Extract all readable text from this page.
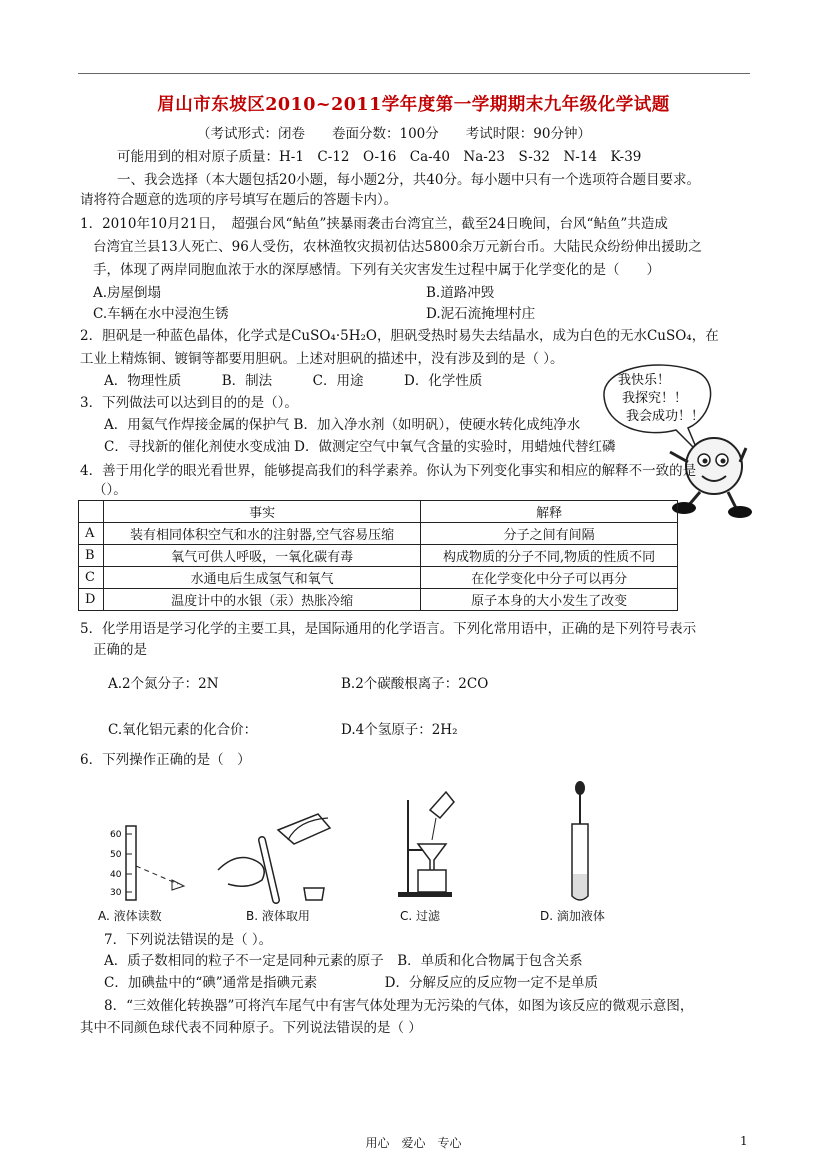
眉山市东坡区2010~2011学年度第一学期期末九年级化学试题
（考试形式：闭卷　　卷面分数：100分　　考试时限：90分钟）
可能用到的相对原子质量：H-1　C-12　O-16　Ca-40　Na-23　S-32　N-14　K-39
一、我会选择（本大题包括20小题，每小题2分，共40分。每小题中只有一个选项符合题目要求。
请将符合题意的选项的序号填写在题后的答题卡内）。
1．2010年10月21日，　超强台风“鲇鱼”挟暴雨袭击台湾宜兰，截至24日晚间，台风“鲇鱼”共造成
台湾宜兰县13人死亡、96人受伤，农林渔牧灾损初估达5800余万元新台币。大陆民众纷纷伸出援助之
手，体现了两岸同胞血浓于水的深厚感情。下列有关灾害发生过程中属于化学变化的是（　　）
A.房屋倒塌	B.道路冲毁
C.车辆在水中浸泡生锈	D.泥石流掩埋村庄
2．胆矾是一种蓝色晶体，化学式是CuSO₄·5H₂O，胆矾受热时易失去结晶水，成为白色的无水CuSO₄，在
工业上精炼铜、镀铜等都要用胆矾。上述对胆矾的描述中，没有涉及到的是（ ）。
A．物理性质　　　B．制法　　　C．用途　　　D．化学性质
3．下列做法可以达到目的的是（）。
A．用氦气作焊接金属的保护气 B．加入净水剂（如明矾），使硬水转化成纯净水
C．寻找新的催化剂使水变成油 D．做测定空气中氧气含量的实验时，用蜡烛代替红磷
我快乐！
我探究！！
我会成功！！
4．善于用化学的眼光看世界，能够提高我们的科学素养。你认为下列变化事实和相应的解释不一致的是
（）。
	事实	解释
A	装有相同体积空气和水的注射器,空气容易压缩	分子之间有间隔
B	氧气可供人呼吸，一氧化碳有毒	构成物质的分子不同,物质的性质不同
C	水通电后生成氢气和氧气	在化学变化中分子可以再分
D	温度计中的水银（汞）热胀冷缩	原子本身的大小发生了改变
5．化学用语是学习化学的主要工具，是国际通用的化学语言。下列化常用语中，正确的是下列符号表示
正确的是
A.2个氮分子：2N	B.2个碳酸根离子：2CO
C.氧化铝元素的化合价：	D.4个氢原子：2H₂
6．下列操作正确的是（　）
60
50
40
30
A. 液体读数	B. 液体取用	C. 过滤	D. 滴加液体
7．下列说法错误的是（ ）。
A．质子数相同的粒子不一定是同种元素的原子　B．单质和化合物属于包含关系
C．加碘盐中的“碘”通常是指碘元素　　　　　D．分解反应的反应物一定不是单质
8．“三效催化转换器”可将汽车尾气中有害气体处理为无污染的气体，如图为该反应的微观示意图，
其中不同颜色球代表不同种原子。下列说法错误的是（ ）
用心　爱心　专心	1
